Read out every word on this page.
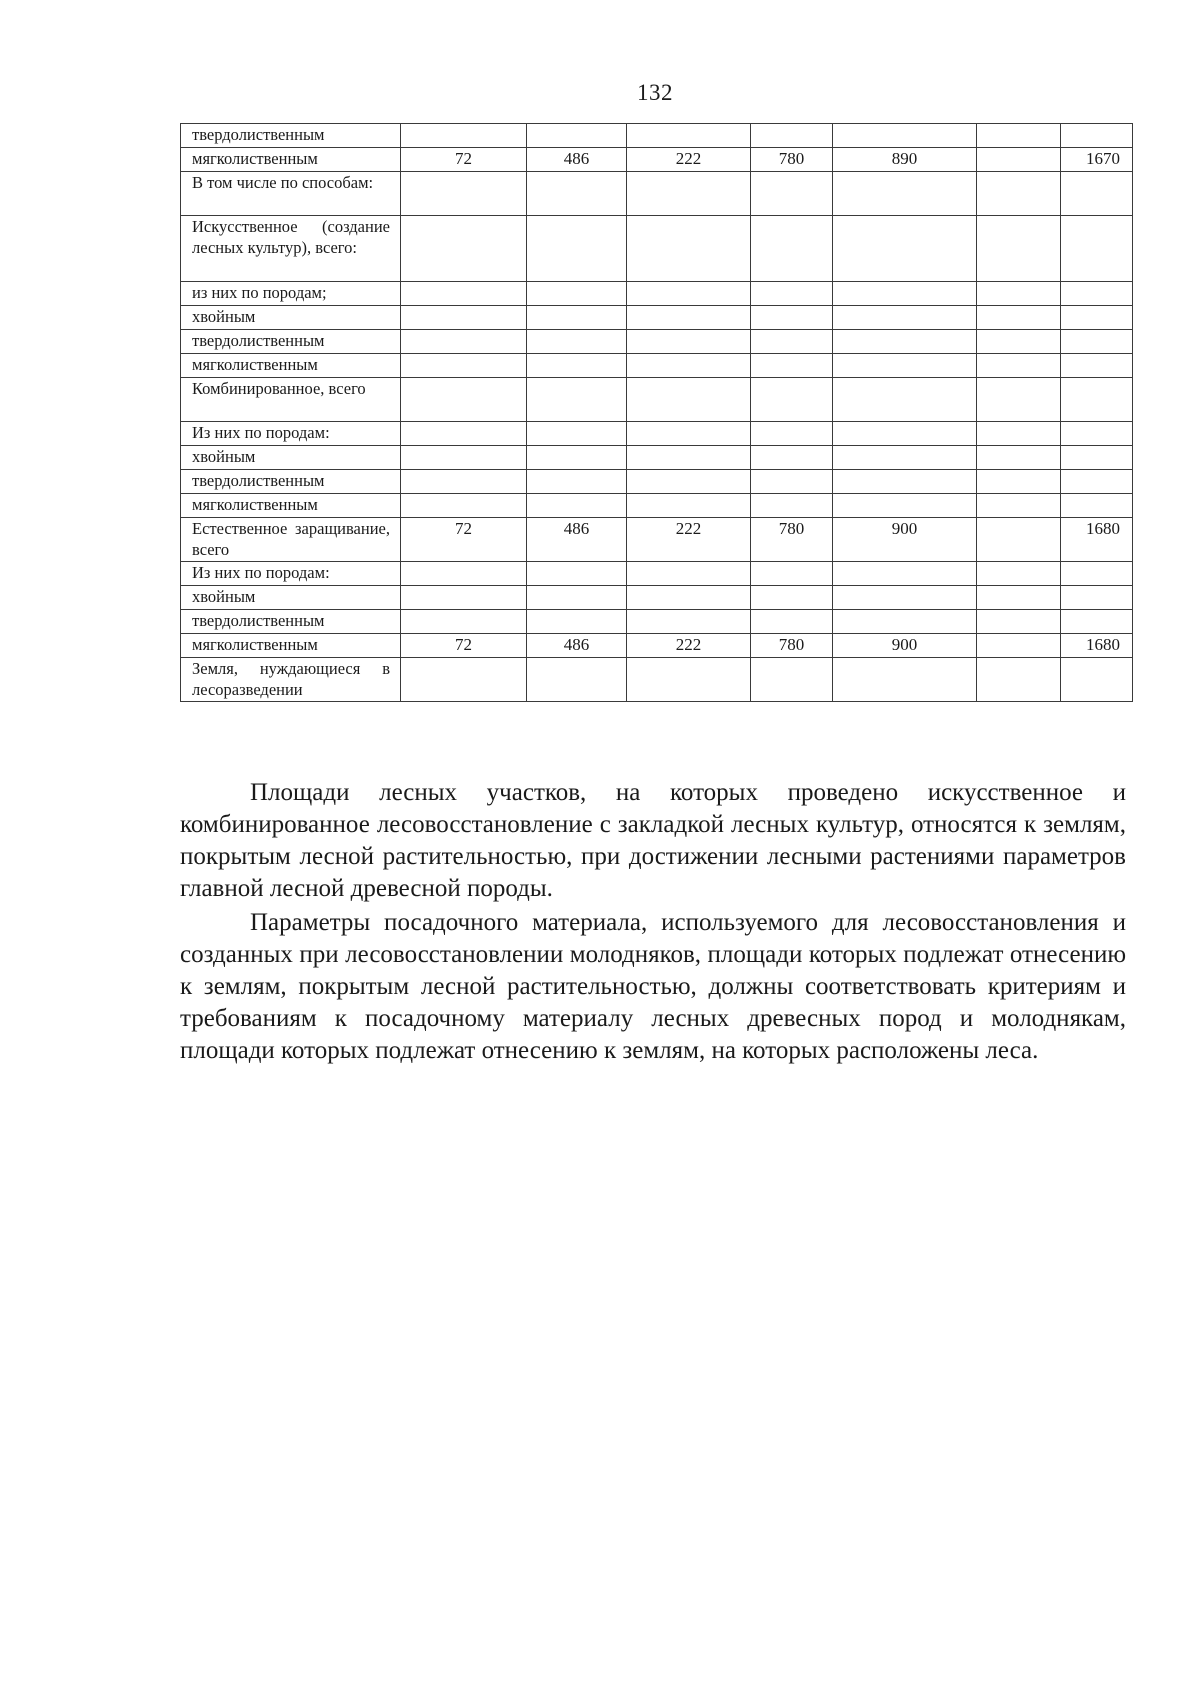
132
твердолиственным							
мягколиственным	72	486	222	780	890		1670
В том числе по способам:							
Искусственное (создание лесных культур), всего:							
из них по породам;							
хвойным							
твердолиственным							
мягколиственным							
Комбинированное, всего							
Из них по породам:							
хвойным							
твердолиственным							
мягколиственным							
Естественное заращивание, всего	72	486	222	780	900		1680
Из них по породам:							
хвойным							
твердолиственным							
мягколиственным	72	486	222	780	900		1680
Земля, нуждающиеся в лесоразведении							

Площади лесных участков, на которых проведено искусственное и комбинированное лесовосстановление с закладкой лесных культур, относятся к землям, покрытым лесной растительностью, при достижении лесными растениями параметров главной лесной древесной породы.

Параметры посадочного материала, используемого для лесовосстановления и созданных при лесовосстановлении молодняков, площади которых подлежат отнесению к землям, покрытым лесной растительностью, должны соответствовать критериям и требованиям к посадочному материалу лесных древесных пород и молоднякам, площади которых подлежат отнесению к землям, на которых расположены леса.
